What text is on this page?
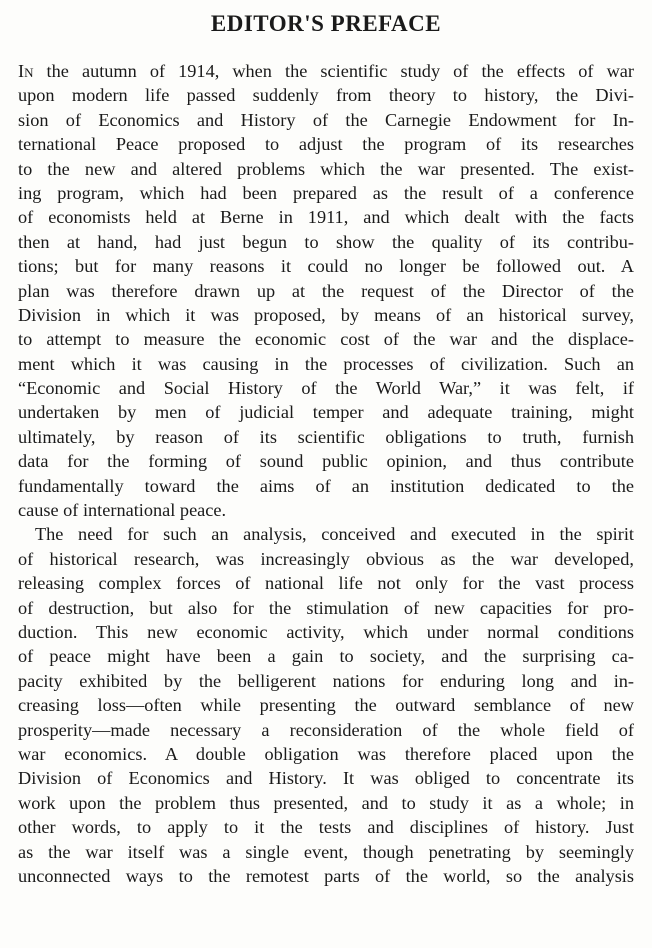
EDITOR'S PREFACE
In the autumn of 1914, when the scientific study of the effects of war
upon modern life passed suddenly from theory to history, the Divi-
sion of Economics and History of the Carnegie Endowment for In-
ternational Peace proposed to adjust the program of its researches
to the new and altered problems which the war presented. The exist-
ing program, which had been prepared as the result of a conference
of economists held at Berne in 1911, and which dealt with the facts
then at hand, had just begun to show the quality of its contribu-
tions; but for many reasons it could no longer be followed out. A
plan was therefore drawn up at the request of the Director of the
Division in which it was proposed, by means of an historical survey,
to attempt to measure the economic cost of the war and the displace-
ment which it was causing in the processes of civilization. Such an
“Economic and Social History of the World War,” it was felt, if
undertaken by men of judicial temper and adequate training, might
ultimately, by reason of its scientific obligations to truth, furnish
data for the forming of sound public opinion, and thus contribute
fundamentally toward the aims of an institution dedicated to the
cause of international peace.
The need for such an analysis, conceived and executed in the spirit
of historical research, was increasingly obvious as the war developed,
releasing complex forces of national life not only for the vast process
of destruction, but also for the stimulation of new capacities for pro-
duction. This new economic activity, which under normal conditions
of peace might have been a gain to society, and the surprising ca-
pacity exhibited by the belligerent nations for enduring long and in-
creasing loss—often while presenting the outward semblance of new
prosperity—made necessary a reconsideration of the whole field of
war economics. A double obligation was therefore placed upon the
Division of Economics and History. It was obliged to concentrate its
work upon the problem thus presented, and to study it as a whole; in
other words, to apply to it the tests and disciplines of history. Just
as the war itself was a single event, though penetrating by seemingly
unconnected ways to the remotest parts of the world, so the analysis
